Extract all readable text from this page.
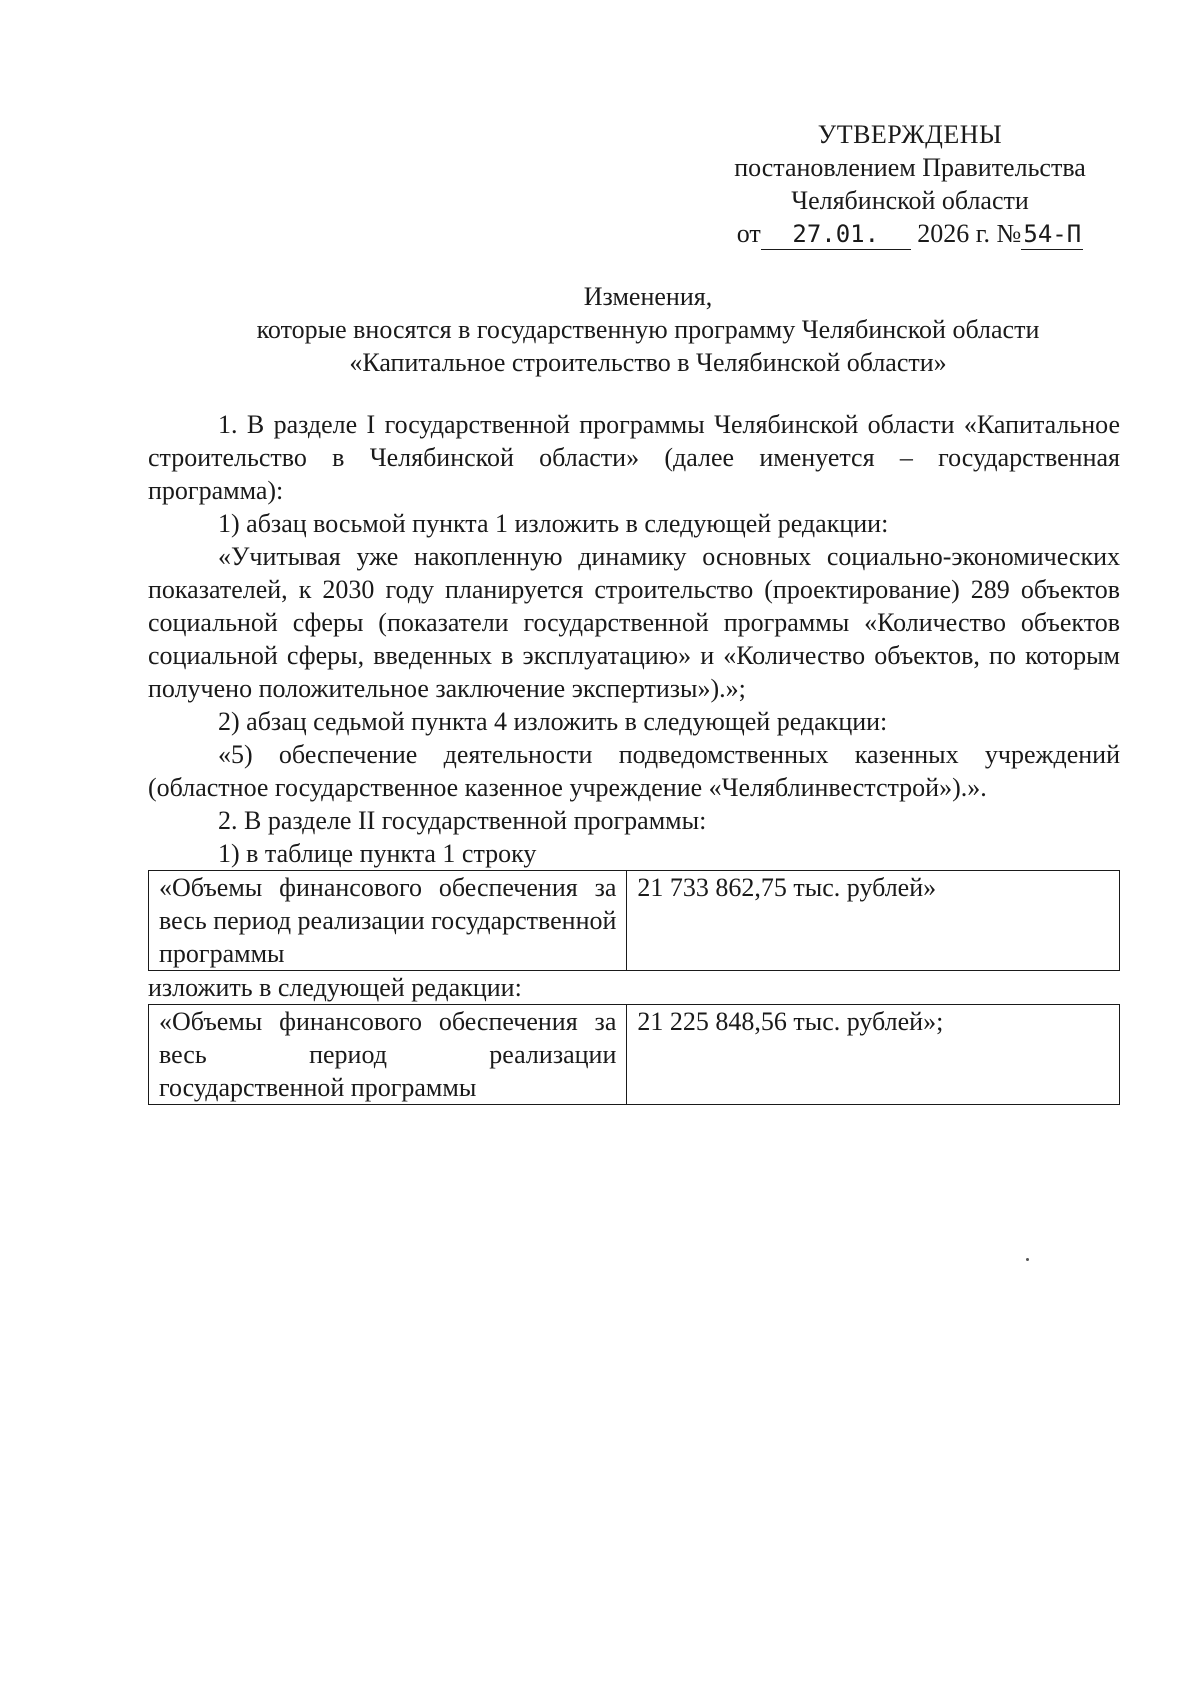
УТВЕРЖДЕНЫ
постановлением Правительства
Челябинской области
от 27.01. 2026 г. №54-П
Изменения,
которые вносятся в государственную программу Челябинской области
«Капитальное строительство в Челябинской области»

1. В разделе I государственной программы Челябинской области «Капитальное строительство в Челябинской области» (далее именуется – государственная программа):

1) абзац восьмой пункта 1 изложить в следующей редакции:

«Учитывая уже накопленную динамику основных социально-экономических показателей, к 2030 году планируется строительство (проектирование) 289 объектов социальной сферы (показатели государственной программы «Количество объектов социальной сферы, введенных в эксплуатацию» и «Количество объектов, по которым получено положительное заключение экспертизы»).»;

2) абзац седьмой пункта 4 изложить в следующей редакции:

«5) обеспечение деятельности подведомственных казенных учреждений (областное государственное казенное учреждение «Челяблинвестстрой»).».

2. В разделе II государственной программы:

1) в таблице пункта 1 строку

«Объемы финансового обеспечения за весь период реализации государственной программы	21 733 862,75 тыс. рублей»

изложить в следующей редакции:

«Объемы финансового обеспечения за весь период реализации государственной программы	21 225 848,56 тыс. рублей»;
